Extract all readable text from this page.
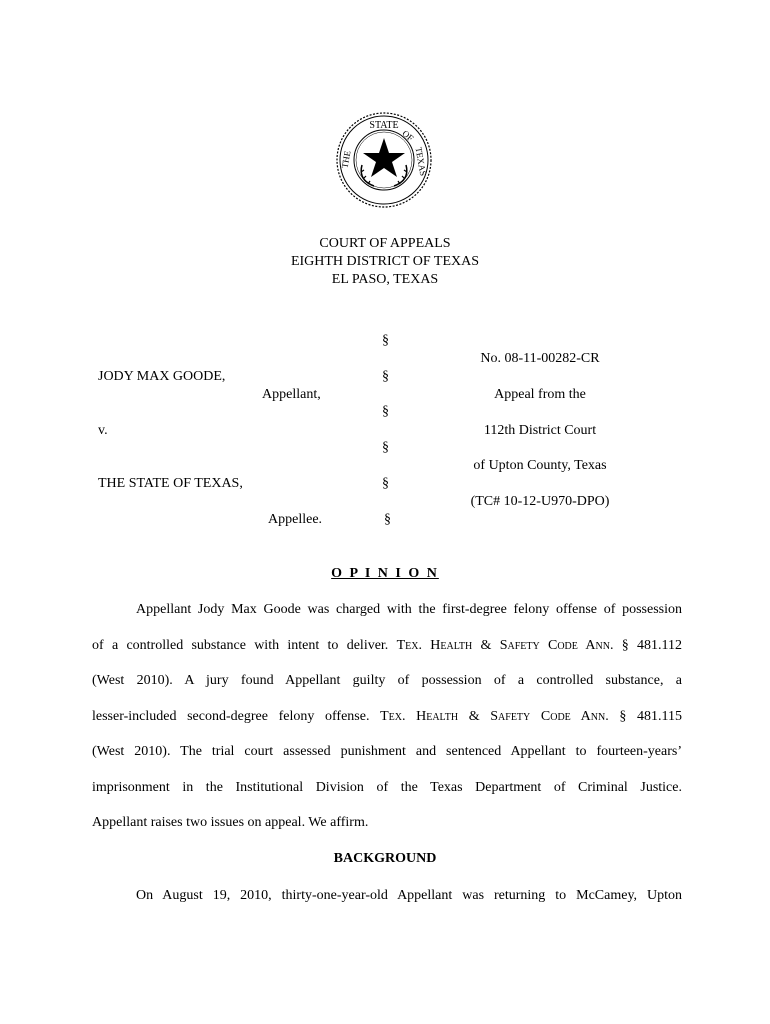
STATE
OF
TEXAS
THE
COURT OF APPEALS
EIGHTH DISTRICT OF TEXAS
EL PASO, TEXAS
§
§
§
§
§
§
JODY MAX GOODE,
Appellant,
v.
THE STATE OF TEXAS,
Appellee.
No. 08-11-00282-CR
Appeal from the
112th District Court
of Upton County, Texas
(TC# 10-12-U970-DPO)
O P I N I O N
Appellant Jody Max Goode was charged with the first-degree felony offense of possession
of a controlled substance with intent to deliver. Tex. Health & Safety Code Ann. § 481.112
(West 2010). A jury found Appellant guilty of possession of a controlled substance, a
lesser-included second-degree felony offense. Tex. Health & Safety Code Ann. § 481.115
(West 2010). The trial court assessed punishment and sentenced Appellant to fourteen-years’
imprisonment in the Institutional Division of the Texas Department of Criminal Justice.
Appellant raises two issues on appeal. We affirm.
BACKGROUND
On August 19, 2010, thirty-one-year-old Appellant was returning to McCamey, Upton
